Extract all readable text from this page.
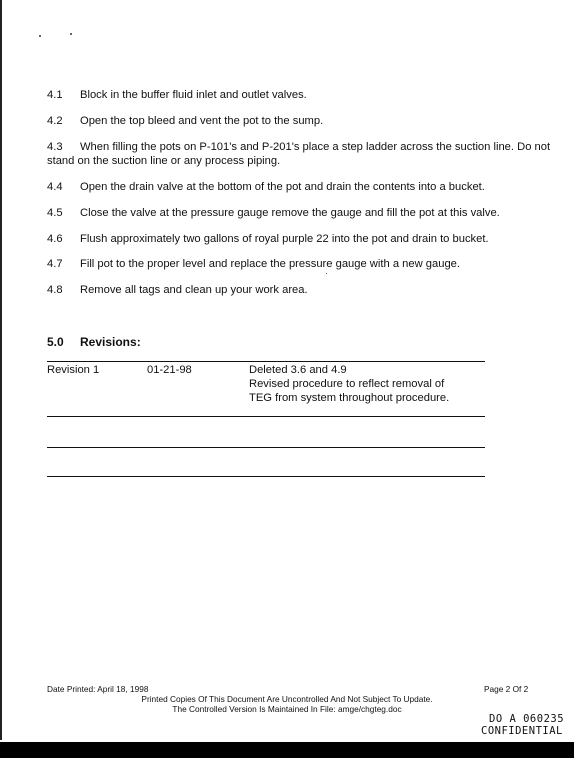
4.1 Block in the buffer fluid inlet and outlet valves.
4.2 Open the top bleed and vent the pot to the sump.
4.3 When filling the pots on P-101's and P-201's place a step ladder across the suction line. Do not stand on the suction line or any process piping.
4.4 Open the drain valve at the bottom of the pot and drain the contents into a bucket.
4.5 Close the valve at the pressure gauge remove the gauge and fill the pot at this valve.
4.6 Flush approximately two gallons of royal purple 22 into the pot and drain to bucket.
4.7 Fill pot to the proper level and replace the pressure gauge with a new gauge.
4.8 Remove all tags and clean up your work area.
5.0 Revisions:
Revision 1	01-21-98	Deleted 3.6 and 4.9
Revised procedure to reflect removal of
TEG from system throughout procedure.
Date Printed: April 18, 1998
Printed Copies Of This Document Are Uncontrolled And Not Subject To Update.
The Controlled Version Is Maintained In File: amge/chgteg.doc
Page 2 Of 2
DO A 060235
CONFIDENTIAL
